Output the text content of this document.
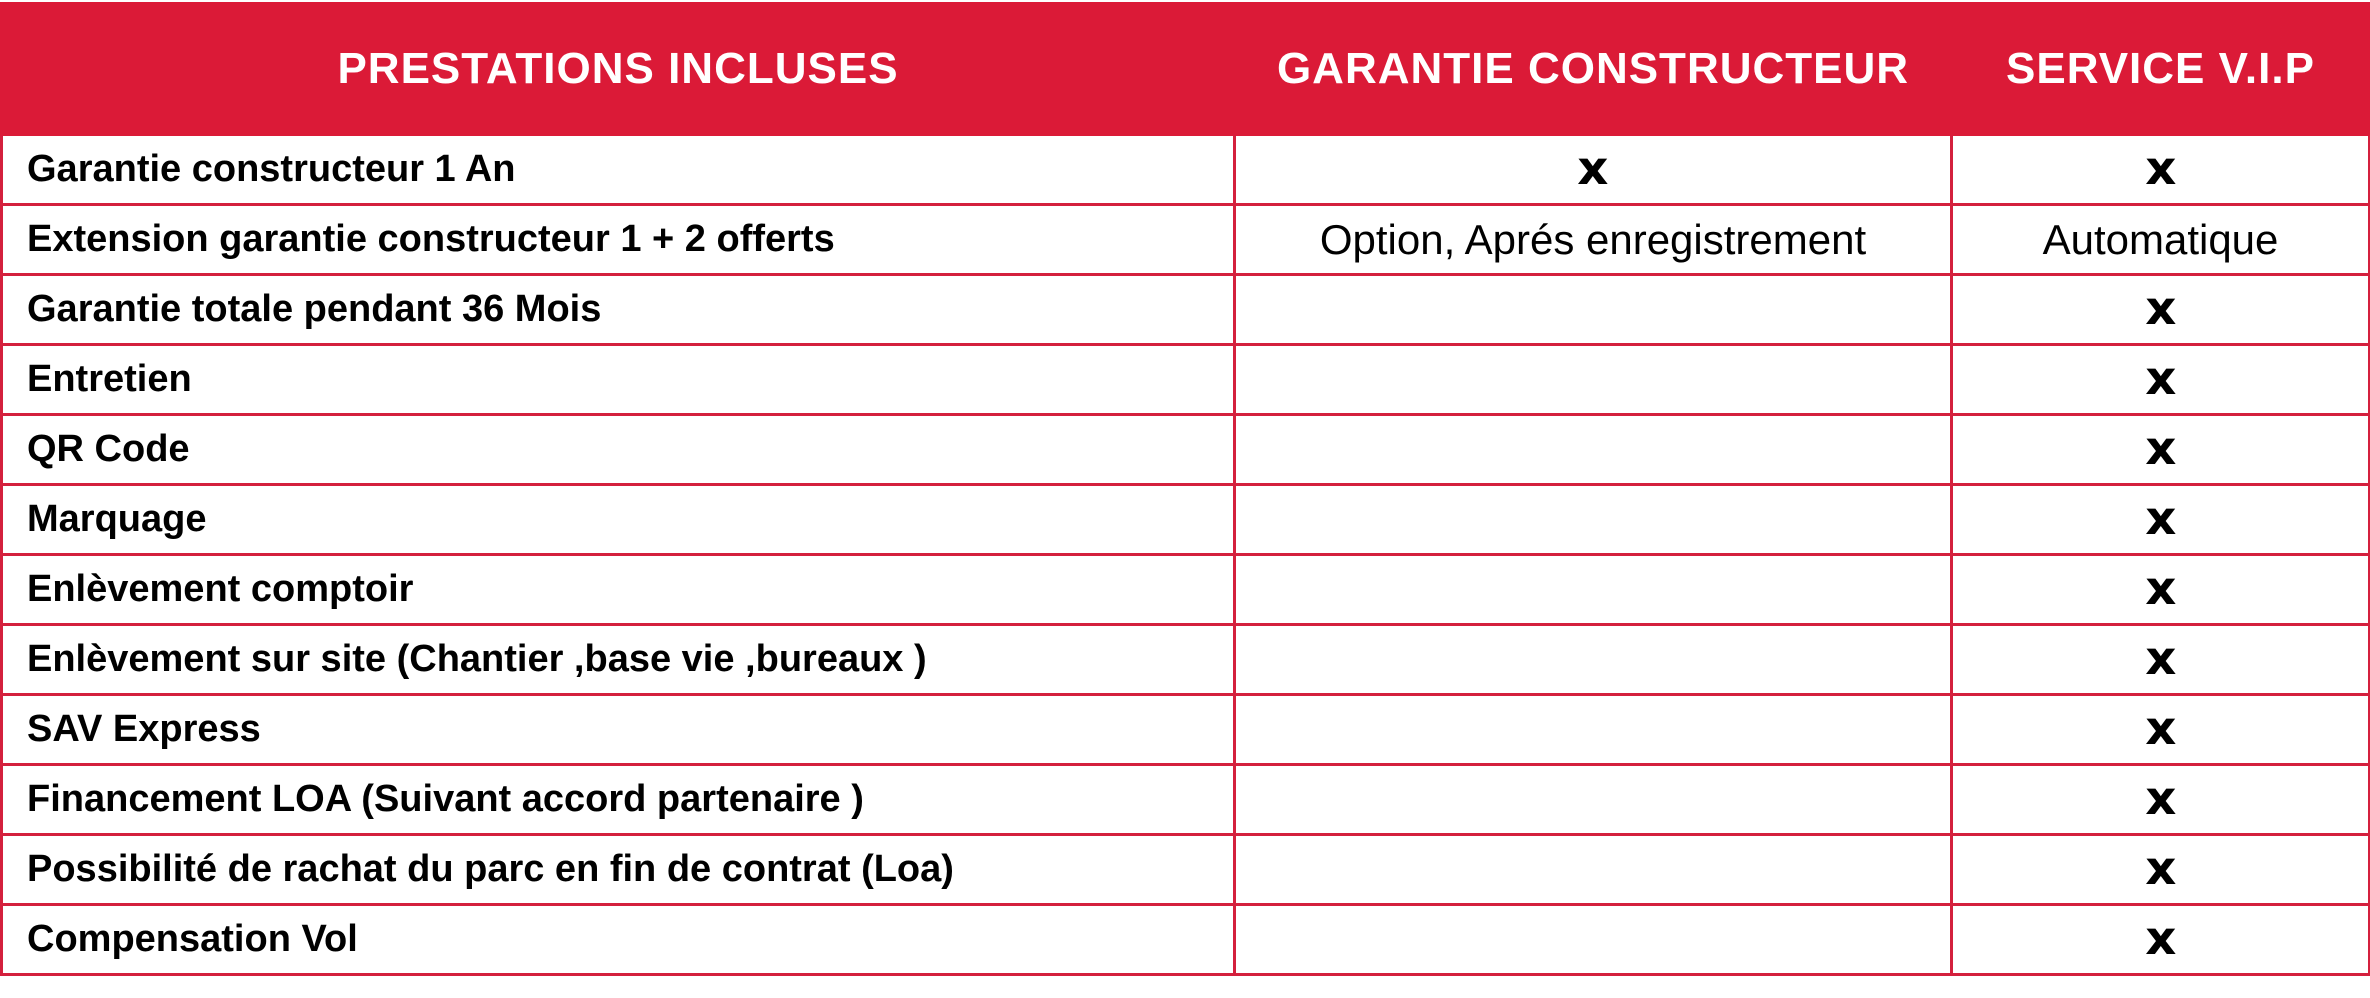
PRESTATIONS INCLUSES	GARANTIE CONSTRUCTEUR	SERVICE V.I.P
Garantie constructeur 1 An	x	x
Extension garantie constructeur 1 + 2 offerts	Option, Aprés enregistrement	Automatique
Garantie totale pendant 36 Mois		x
Entretien		x
QR Code		x
Marquage		x
Enlèvement comptoir		x
Enlèvement sur site (Chantier ,base vie ,bureaux )		x
SAV Express		x
Financement LOA (Suivant accord partenaire )		x
Possibilité de rachat du parc en fin de contrat (Loa)		x
Compensation Vol		x
